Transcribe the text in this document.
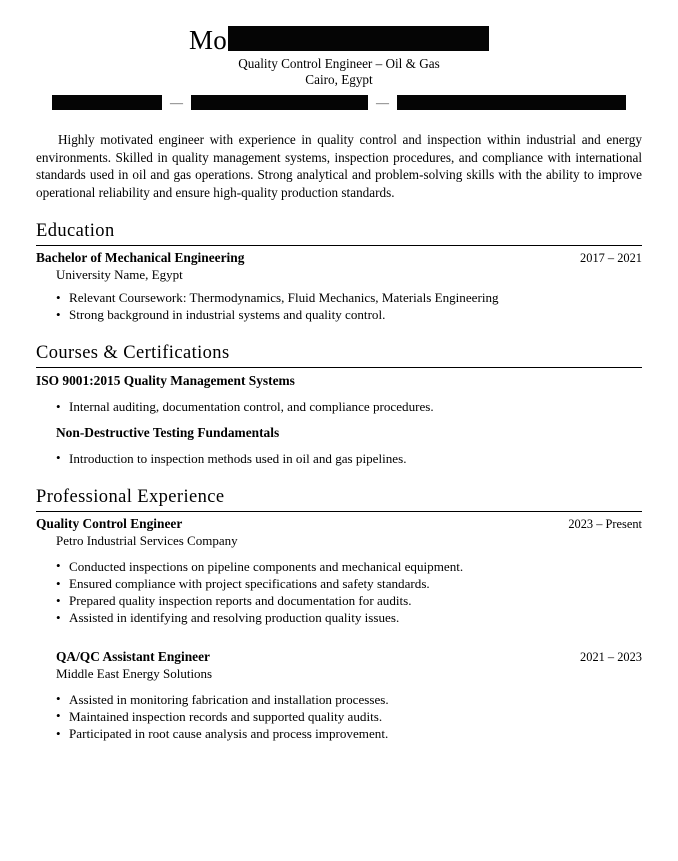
Mo
Quality Control Engineer – Oil & Gas
Cairo, Egypt
—	—

Highly motivated engineer with experience in quality control and inspection within industrial and energy environments. Skilled in quality management systems, inspection procedures, and compliance with international standards used in oil and gas operations. Strong analytical and problem-solving skills with the ability to improve operational reliability and ensure high-quality production standards.

Education
Bachelor of Mechanical Engineering	2017 – 2021
University Name, Egypt
• Relevant Coursework: Thermodynamics, Fluid Mechanics, Materials Engineering
• Strong background in industrial systems and quality control.
Courses & Certifications
ISO 9001:2015 Quality Management Systems
• Internal auditing, documentation control, and compliance procedures.
Non-Destructive Testing Fundamentals
• Introduction to inspection methods used in oil and gas pipelines.
Professional Experience
Quality Control Engineer	2023 – Present
Petro Industrial Services Company
• Conducted inspections on pipeline components and mechanical equipment.
• Ensured compliance with project specifications and safety standards.
• Prepared quality inspection reports and documentation for audits.
• Assisted in identifying and resolving production quality issues.
QA/QC Assistant Engineer	2021 – 2023
Middle East Energy Solutions
• Assisted in monitoring fabrication and installation processes.
• Maintained inspection records and supported quality audits.
• Participated in root cause analysis and process improvement.
